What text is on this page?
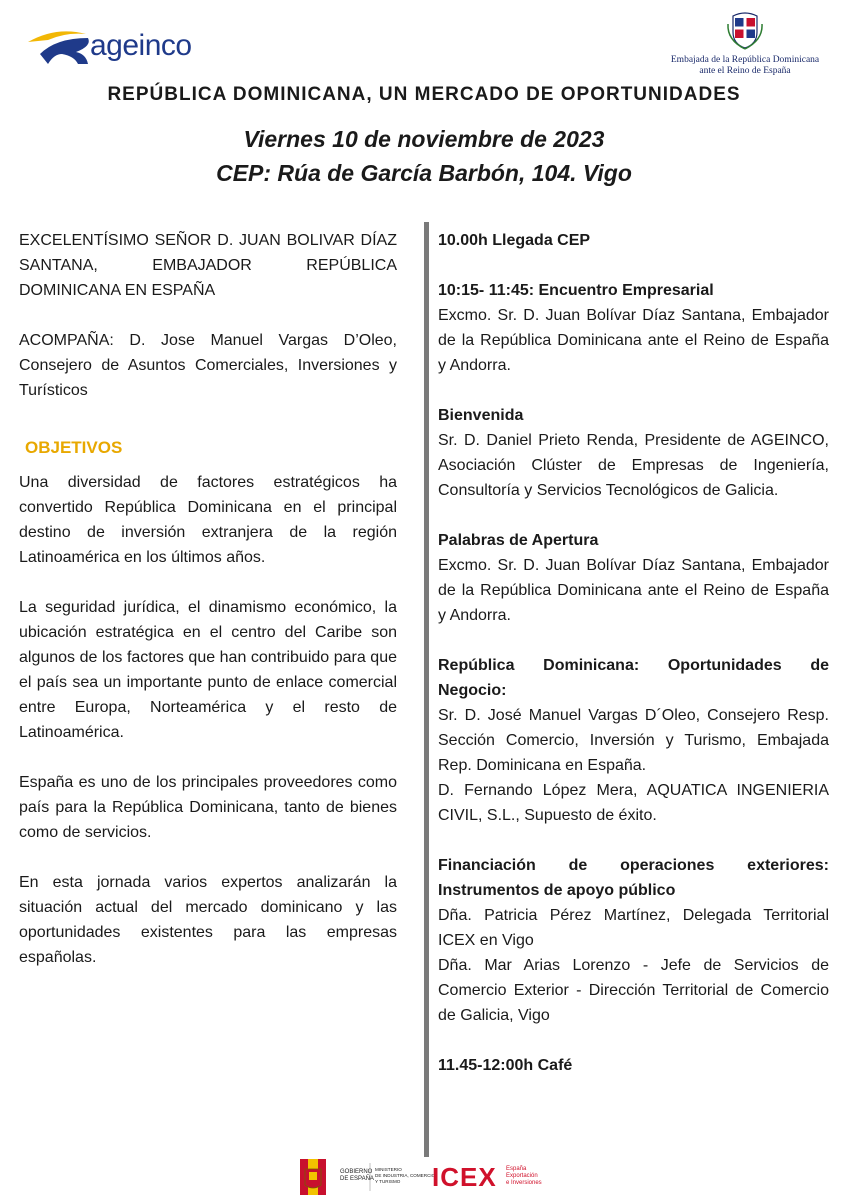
ageinco	Embajada de la República Dominicana
ante el Reino de España
REPÚBLICA DOMINICANA, UN MERCADO DE OPORTUNIDADES
Viernes 10 de noviembre de 2023
CEP: Rúa de García Barbón, 104. Vigo

EXCELENTÍSIMO SEÑOR D. JUAN BOLIVAR DÍAZ SANTANA, EMBAJADOR REPÚBLICA DOMINICANA EN ESPAÑA

ACOMPAÑA: D. Jose Manuel Vargas D’Oleo, Consejero de Asuntos Comerciales, Inversiones y Turísticos

OBJETIVOS

Una diversidad de factores estratégicos ha convertido República Dominicana en el principal destino de inversión extranjera de la región Latinoamérica en los últimos años.

La seguridad jurídica, el dinamismo económico, la ubicación estratégica en el centro del Caribe son algunos de los factores que han contribuido para que el país sea un importante punto de enlace comercial entre Europa, Norteamérica y el resto de Latinoamérica.

España es uno de los principales proveedores como país para la República Dominicana, tanto de bienes como de servicios.

En esta jornada varios expertos analizarán la situación actual del mercado dominicano y las oportunidades existentes para las empresas españolas.

10.00h Llegada CEP

10:15- 11:45: Encuentro Empresarial

Excmo. Sr. D. Juan Bolívar Díaz Santana, Embajador de la República Dominicana ante el Reino de España y Andorra.

Bienvenida

Sr. D. Daniel Prieto Renda, Presidente de AGEINCO, Asociación Clúster de Empresas de Ingeniería, Consultoría y Servicios Tecnológicos de Galicia.

Palabras de Apertura

Excmo. Sr. D. Juan Bolívar Díaz Santana, Embajador de la República Dominicana ante el Reino de España y Andorra.

República Dominicana: Oportunidades de Negocio:

Sr. D. José Manuel Vargas D´Oleo, Consejero Resp. Sección Comercio, Inversión y Turismo, Embajada Rep. Dominicana en España.

D. Fernando López Mera, AQUATICA INGENIERIA CIVIL, S.L., Supuesto de éxito.

Financiación de operaciones exteriores: Instrumentos de apoyo público

Dña. Patricia Pérez Martínez, Delegada Territorial ICEX en Vigo

Dña. Mar Arias Lorenzo - Jefe de Servicios de Comercio Exterior - Dirección Territorial de Comercio de Galicia, Vigo

11.45-12:00h Café

GOBIERNO
DE ESPAÑA
MINISTERIO
DE INDUSTRIA, COMERCIO
Y TURISMO ICEX España
Exportación
e Inversiones
